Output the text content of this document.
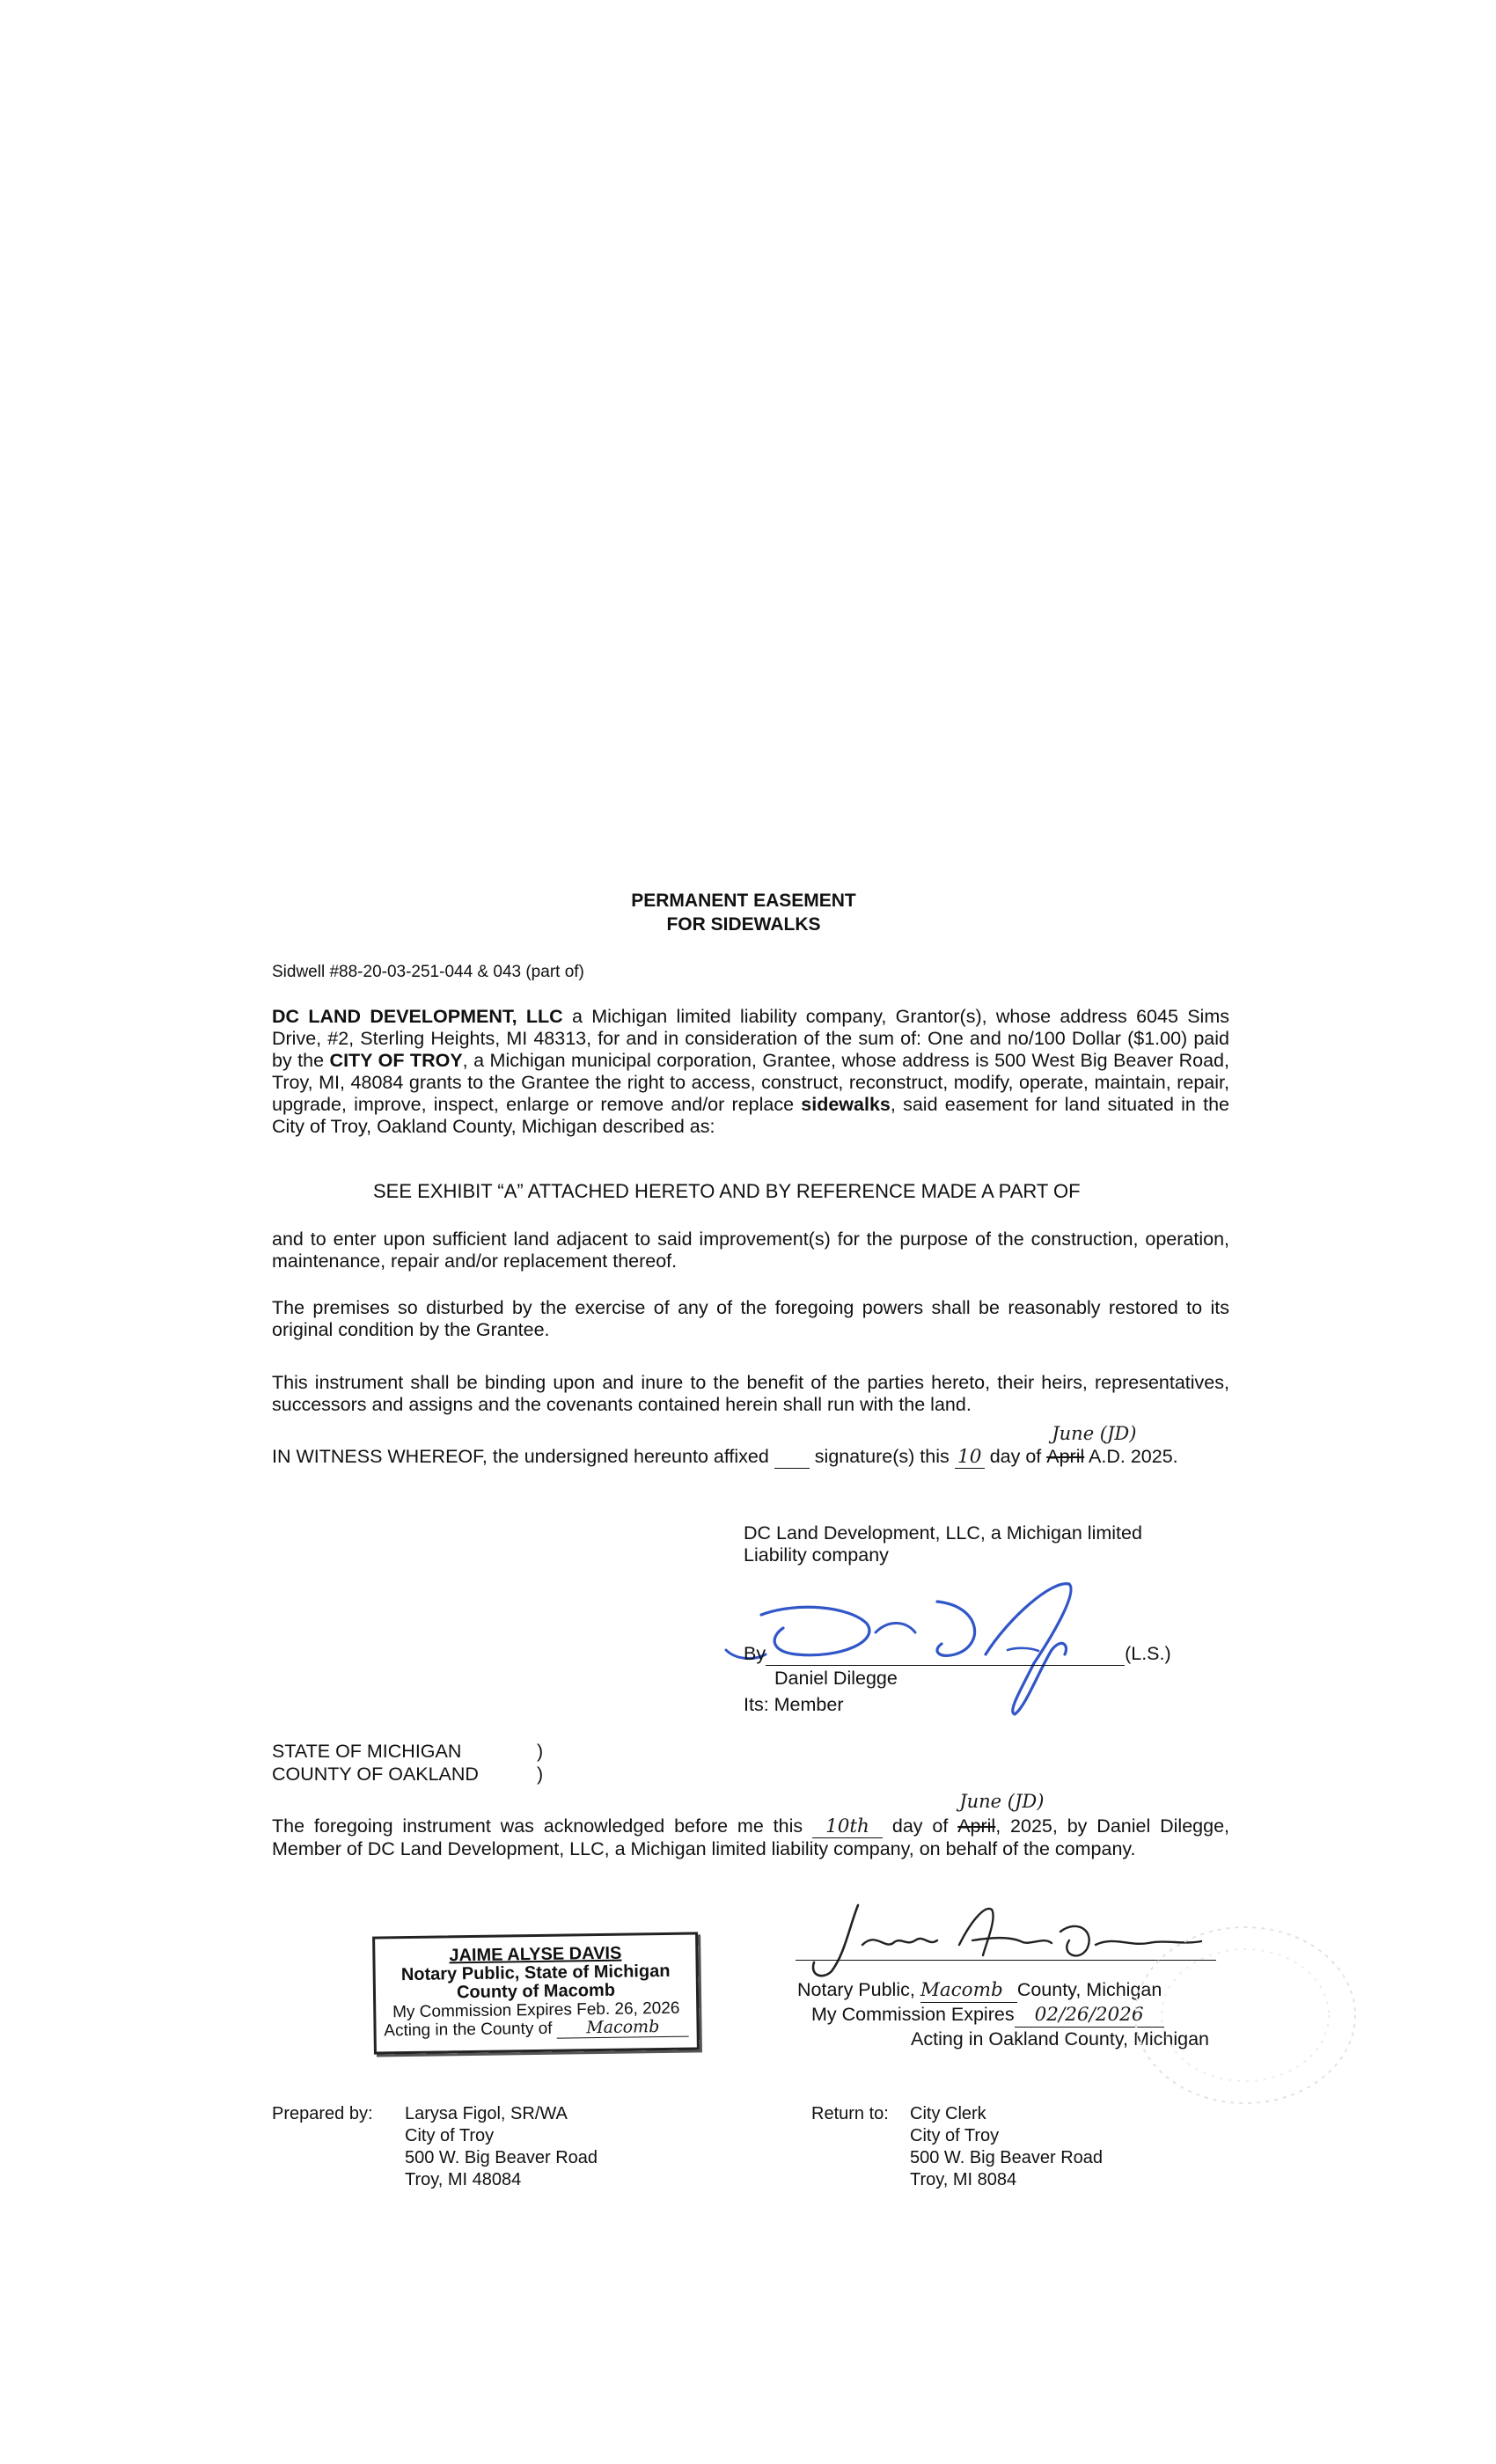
PERMANENT EASEMENT
FOR SIDEWALKS
Sidwell #88-20-03-251-044 & 043 (part of)
DC LAND DEVELOPMENT, LLC a Michigan limited liability company, Grantor(s), whose address 6045 Sims Drive, #2, Sterling Heights, MI 48313, for and in consideration of the sum of: One and no/100 Dollar ($1.00) paid by the CITY OF TROY, a Michigan municipal corporation, Grantee, whose address is 500 West Big Beaver Road, Troy, MI, 48084 grants to the Grantee the right to access, construct, reconstruct, modify, operate, maintain, repair, upgrade, improve, inspect, enlarge or remove and/or replace sidewalks, said easement for land situated in the City of Troy, Oakland County, Michigan described as:
SEE EXHIBIT “A” ATTACHED HERETO AND BY REFERENCE MADE A PART OF
and to enter upon sufficient land adjacent to said improvement(s) for the purpose of the construction, operation, maintenance, repair and/or replacement thereof.
The premises so disturbed by the exercise of any of the foregoing powers shall be reasonably restored to its original condition by the Grantee.
This instrument shall be binding upon and inure to the benefit of the parties hereto, their heirs, representatives, successors and assigns and the covenants contained herein shall run with the land.
IN WITNESS WHEREOF, the undersigned hereunto affixed   signature(s) this 10 day of April
June (JD)
A.D. 2025.
DC Land Development, LLC, a Michigan limited
Liability company
By	(L.S.)
Daniel Dilegge
Its: Member
STATE OF MICHIGAN
COUNTY OF OAKLAND
)
)
The foregoing instrument was acknowledged before me this 10th day of April
June (JD)
, 2025, by Daniel Dilegge, Member of DC Land Development, LLC, a Michigan limited liability company, on behalf of the company.
JAIME ALYSE DAVIS
Notary Public, State of Michigan
County of Macomb
My Commission Expires Feb. 26, 2026
Acting in the County of Macomb
Notary Public, Macomb County, Michigan
My Commission Expires 02/26/2026
Acting in Oakland County, Michigan
Prepared by: Larysa Figol, SR/WA
City of Troy
500 W. Big Beaver Road
Troy, MI 48084
Return to: City Clerk
City of Troy
500 W. Big Beaver Road
Troy, MI 8084
